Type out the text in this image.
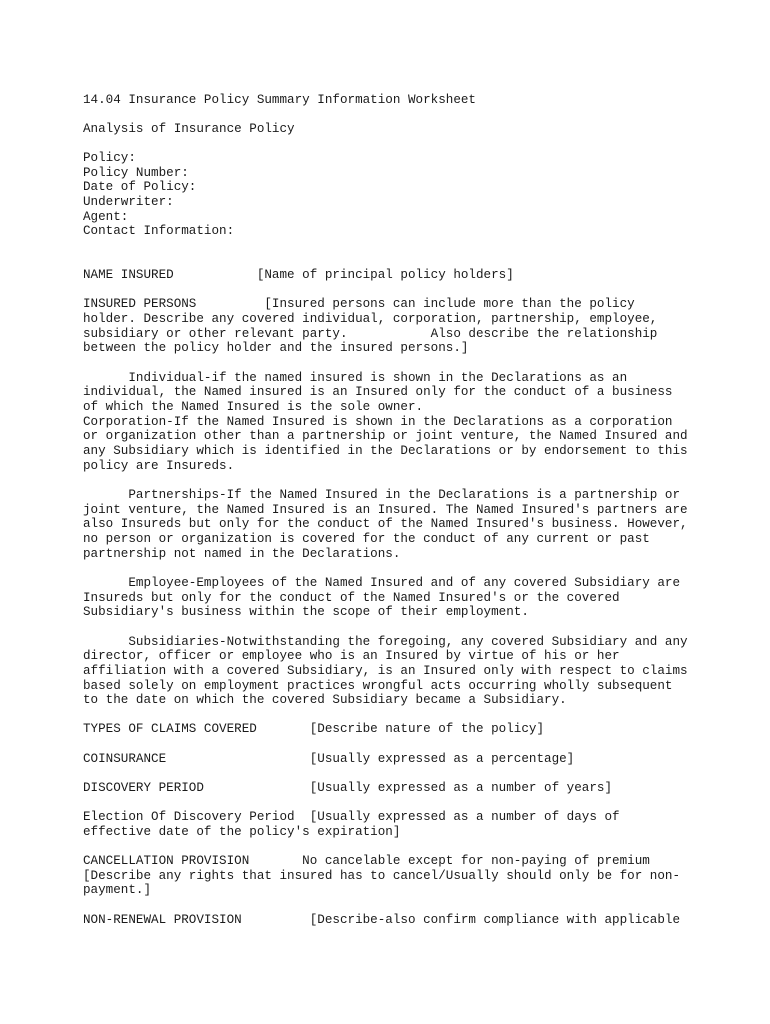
14.04 Insurance Policy Summary Information Worksheet
Analysis of Insurance Policy
Policy:
Policy Number:
Date of Policy:
Underwriter:
Agent:
Contact Information:
NAME INSURED           [Name of principal policy holders]
INSURED PERSONS         [Insured persons can include more than the policy
holder. Describe any covered individual, corporation, partnership, employee,
subsidiary or other relevant party.           Also describe the relationship
between the policy holder and the insured persons.]
Individual-if the named insured is shown in the Declarations as an
individual, the Named insured is an Insured only for the conduct of a business
of which the Named Insured is the sole owner.
Corporation-If the Named Insured is shown in the Declarations as a corporation
or organization other than a partnership or joint venture, the Named Insured and
any Subsidiary which is identified in the Declarations or by endorsement to this
policy are Insureds.
Partnerships-If the Named Insured in the Declarations is a partnership or
joint venture, the Named Insured is an Insured. The Named Insured's partners are
also Insureds but only for the conduct of the Named Insured's business. However,
no person or organization is covered for the conduct of any current or past
partnership not named in the Declarations.
Employee-Employees of the Named Insured and of any covered Subsidiary are
Insureds but only for the conduct of the Named Insured's or the covered
Subsidiary's business within the scope of their employment.
Subsidiaries-Notwithstanding the foregoing, any covered Subsidiary and any
director, officer or employee who is an Insured by virtue of his or her
affiliation with a covered Subsidiary, is an Insured only with respect to claims
based solely on employment practices wrongful acts occurring wholly subsequent
to the date on which the covered Subsidiary became a Subsidiary.
TYPES OF CLAIMS COVERED       [Describe nature of the policy]
COINSURANCE                   [Usually expressed as a percentage]
DISCOVERY PERIOD              [Usually expressed as a number of years]
Election Of Discovery Period  [Usually expressed as a number of days of
effective date of the policy's expiration]
CANCELLATION PROVISION       No cancelable except for non-paying of premium
[Describe any rights that insured has to cancel/Usually should only be for non-
payment.]
NON-RENEWAL PROVISION         [Describe-also confirm compliance with applicable
